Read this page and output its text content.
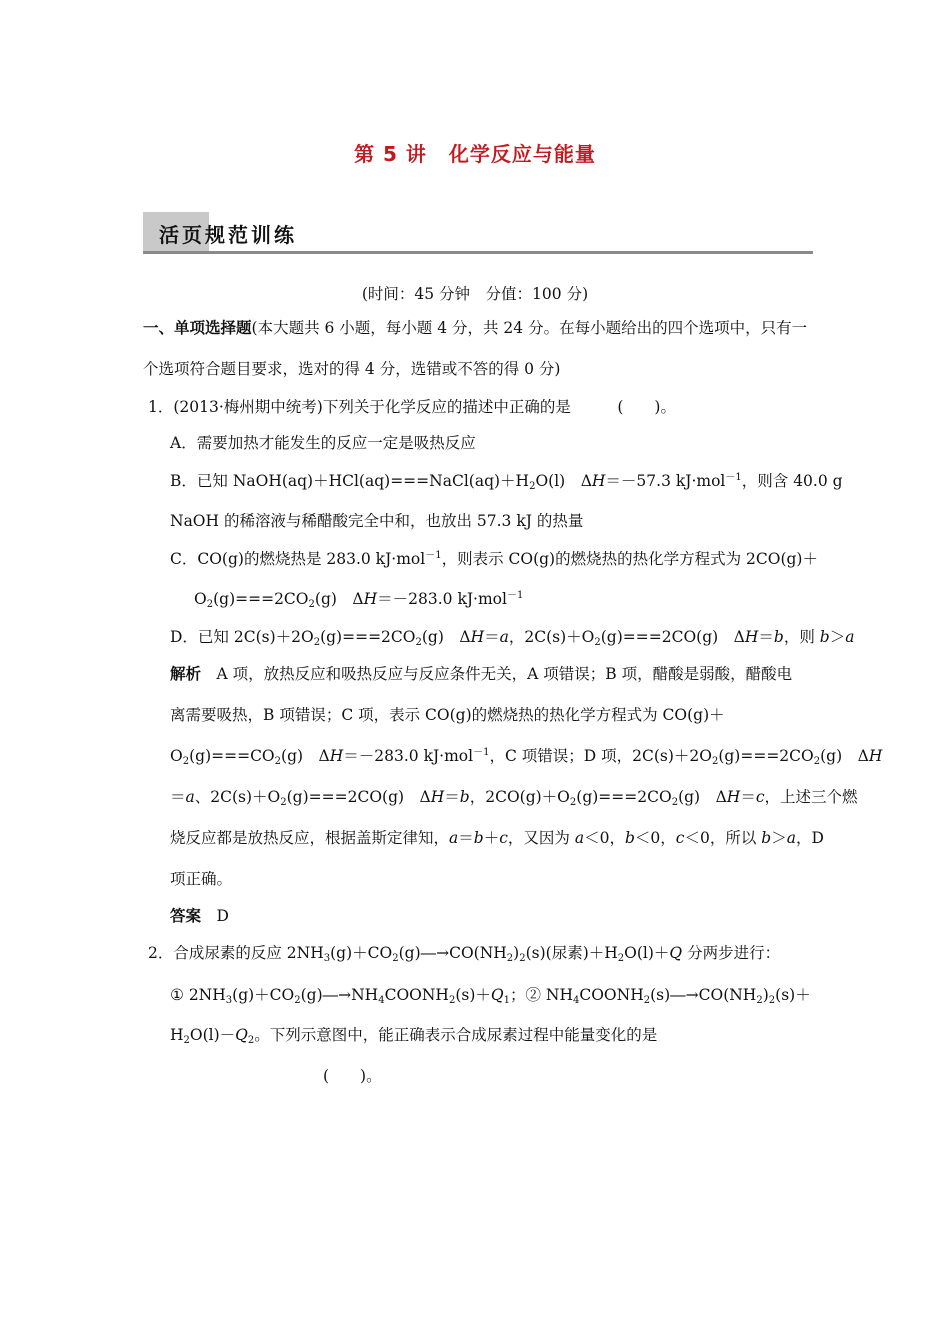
第 5 讲 化学反应与能量
活页规范训练
(时间：45 分钟　分值：100 分)
一、单项选择题(本大题共 6 小题，每小题 4 分，共 24 分。在每小题给出的四个选项中，只有一
个选项符合题目要求，选对的得 4 分，选错或不答的得 0 分)
1．(2013·梅州期中统考)下列关于化学反应的描述中正确的是　　　(　　)。
A．需要加热才能发生的反应一定是吸热反应
B．已知 $NaOH(aq)+HCl(aq)===NaCl(aq)+H_2O(l)$　ΔH＝－57.3 kJ·mol$^{-1}$，则含 40.0 g
NaOH 的稀溶液与稀醋酸完全中和，也放出 57.3 kJ 的热量
C．CO(g)的燃烧热是 283.0 kJ·mol$^{-1}$，则表示 CO(g)的燃烧热的热化学方程式为 2CO(g)＋
$O_2(g)===2CO_2(g)$　ΔH＝－283.0 kJ·mol$^{-1}$
D．已知 $2C(s)+2O_2(g)===2CO_2(g)$　ΔH＝a，$2C(s)+O_2(g)===2CO(g)$　ΔH＝b，则 b＞a
解析　 A 项，放热反应和吸热反应与反应条件无关，A 项错误；B 项，醋酸是弱酸，醋酸电
离需要吸热，B 项错误；C 项，表示 CO(g)的燃烧热的热化学方程式为 CO(g)＋
$O_2(g)===CO_2(g)$　ΔH＝－283.0 kJ·mol$^{-1}$，C 项错误；D 项，$2C(s)+2O_2(g)===2CO_2(g)$　ΔH
＝a、$2C(s)+O_2(g)===2CO(g)$　ΔH＝b，$2CO(g)+O_2(g)===2CO_2(g)$　ΔH＝c，上述三个燃
烧反应都是放热反应，根据盖斯定律知，a＝b＋c，又因为 a＜0，b＜0，c＜0，所以 b＞a，D
项正确。
答案　 D
2．合成尿素的反应 $2NH_3(g)+CO_2(g)―\to CO(NH_2)_2(s)$(尿素)$+H_2O(l)+Q$ 分两步进行：
① $2NH_3(g)+CO_2(g)―\to NH_4COONH_2(s)+Q_1$；② $NH_4COONH_2(s)―\to CO(NH_2)_2(s)+$
$H_2O(l)-Q_2$。下列示意图中，能正确表示合成尿素过程中能量变化的是
(　　)。
